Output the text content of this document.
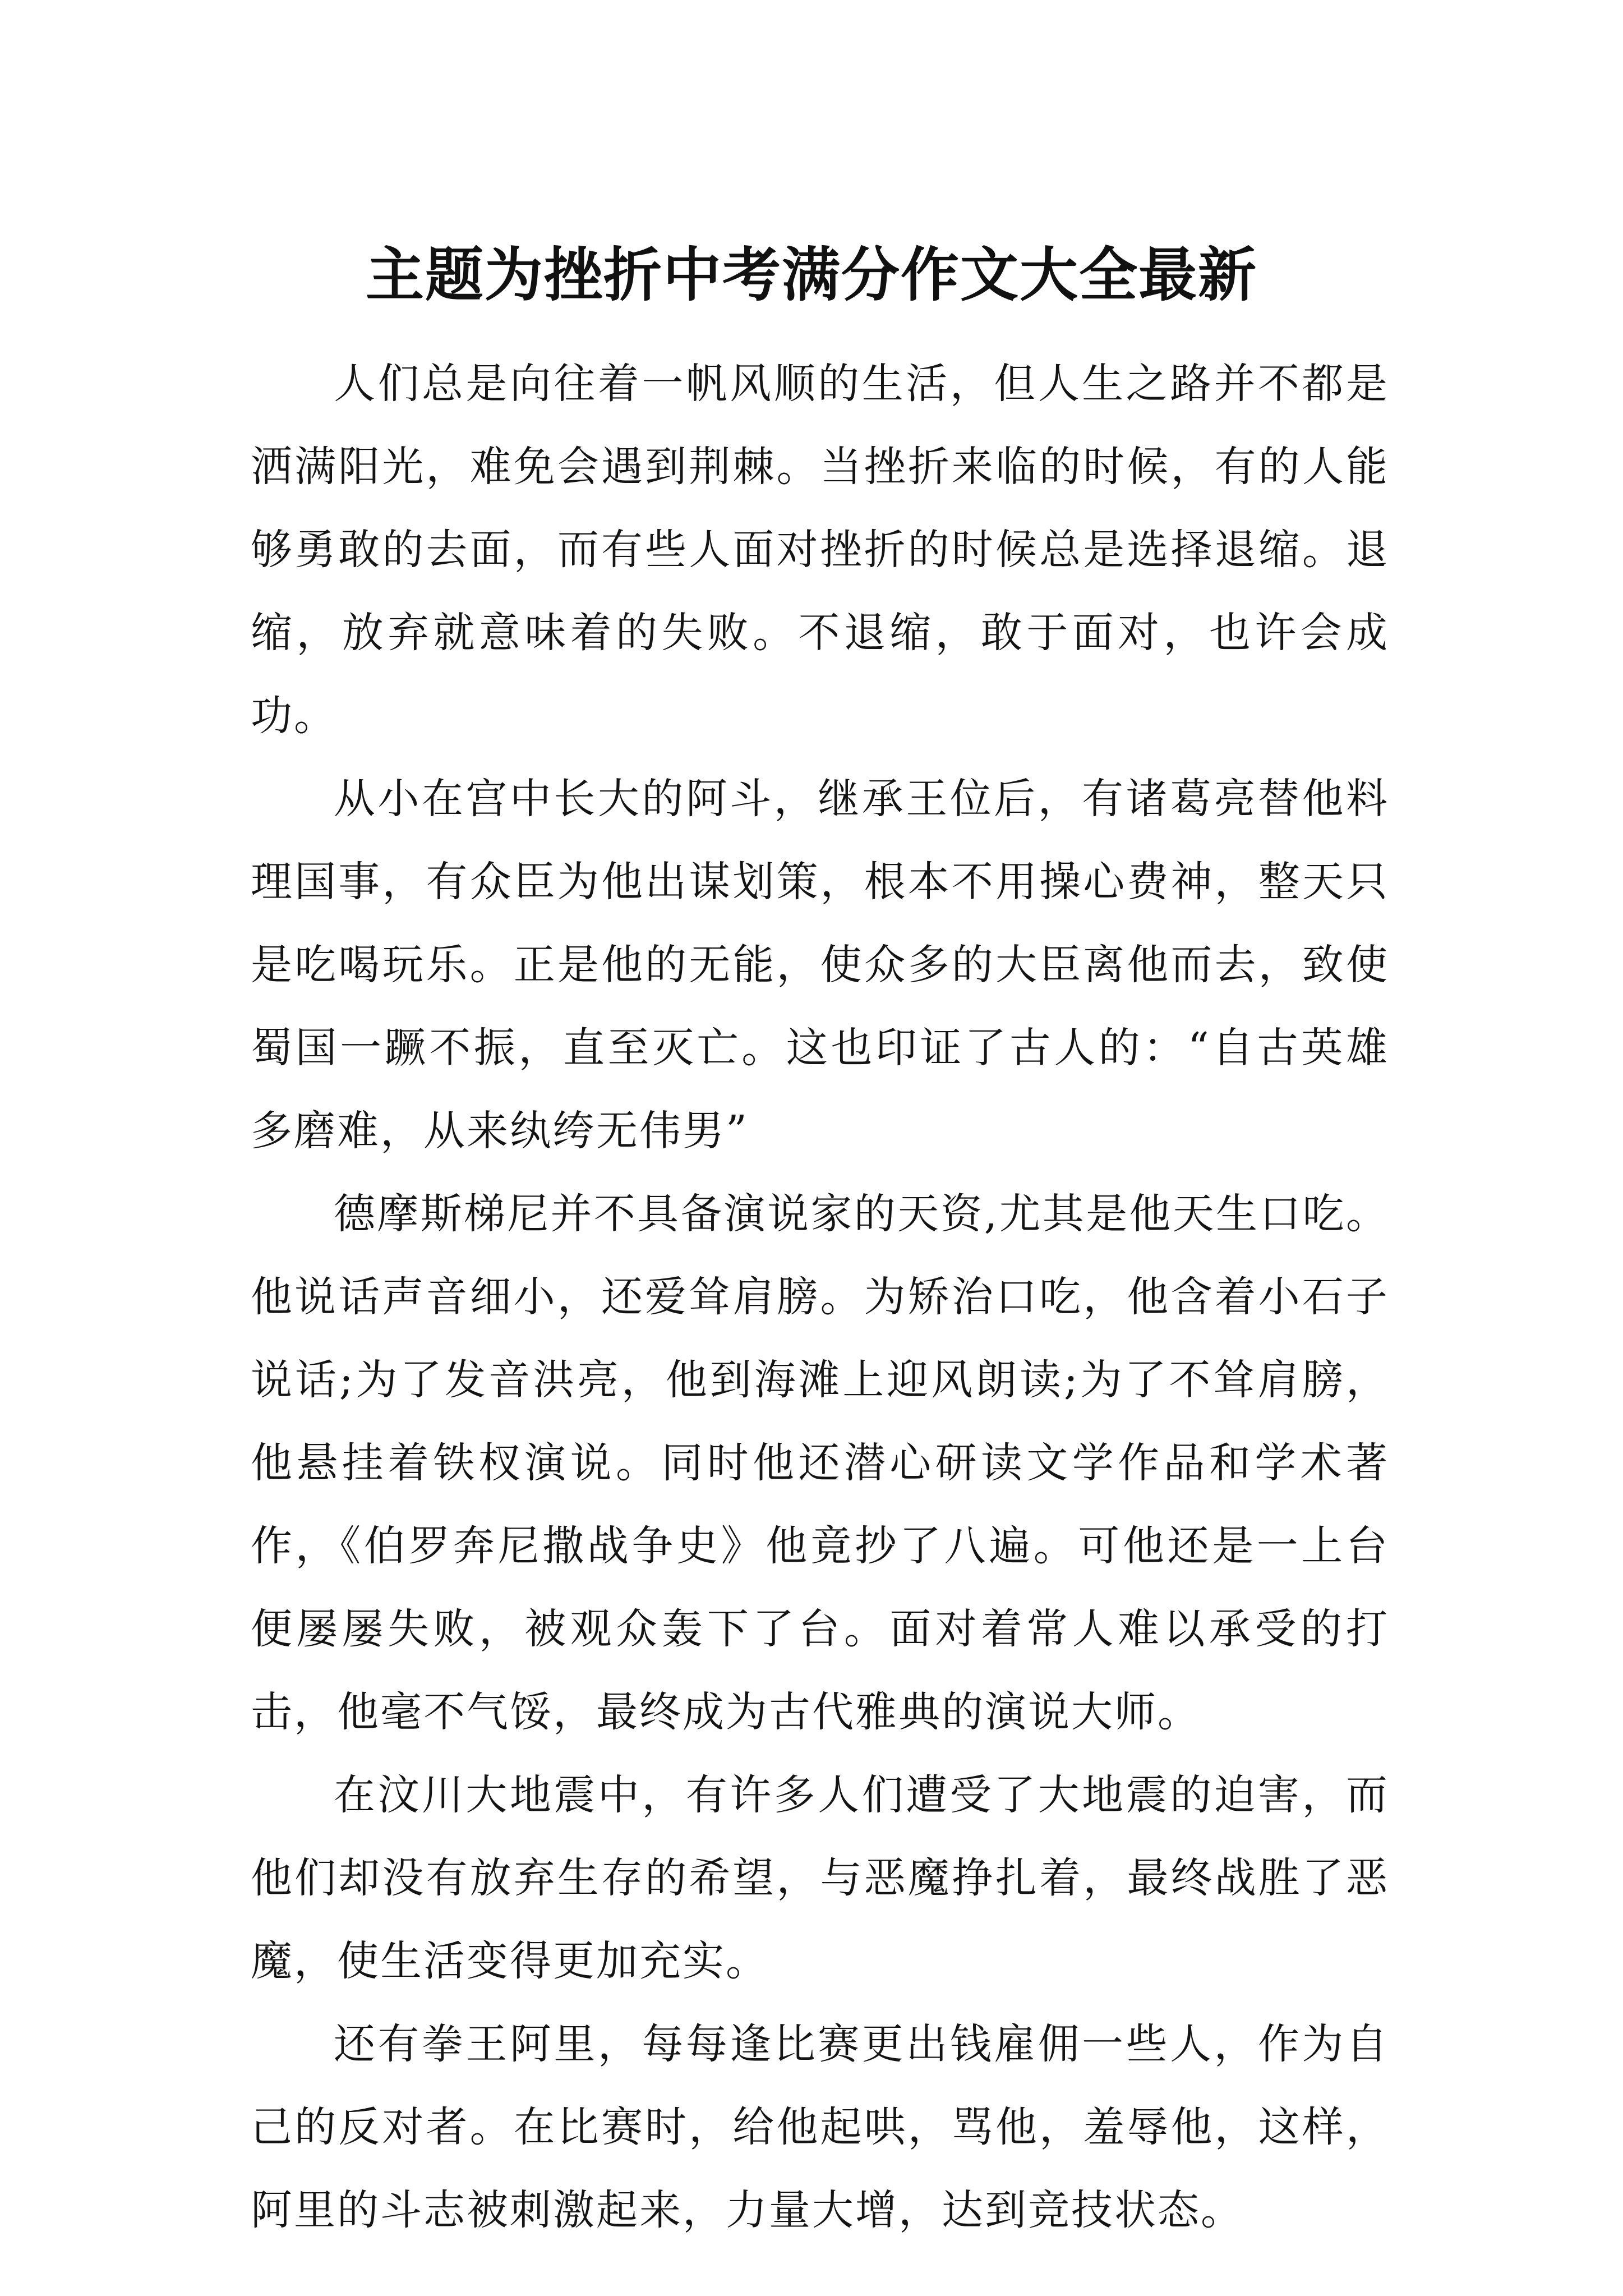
主题为挫折中考满分作文大全最新

人们总是向往着一帆风顺的生活，但人生之路并不都是洒满阳光，难免会遇到荆棘。当挫折来临的时候，有的人能够勇敢的去面，而有些人面对挫折的时候总是选择退缩。退缩，放弃就意味着的失败。不退缩，敢于面对，也许会成功。

从小在宫中长大的阿斗，继承王位后，有诸葛亮替他料理国事，有众臣为他出谋划策，根本不用操心费神，整天只是吃喝玩乐。正是他的无能，使众多的大臣离他而去，致使蜀国一蹶不振，直至灭亡。这也印证了古人的：“自古英雄多磨难，从来纨绔无伟男”

德摩斯梯尼并不具备演说家的天资,尤其是他天生口吃。他说话声音细小，还爱耸肩膀。为矫治口吃，他含着小石子说话;为了发音洪亮，他到海滩上迎风朗读;为了不耸肩膀，他悬挂着铁杈演说。同时他还潜心研读文学作品和学术著作，《伯罗奔尼撒战争史》他竟抄了八遍。可他还是一上台便屡屡失败，被观众轰下了台。面对着常人难以承受的打击，他毫不气馁，最终成为古代雅典的演说大师。

在汶川大地震中，有许多人们遭受了大地震的迫害，而他们却没有放弃生存的希望，与恶魔挣扎着，最终战胜了恶魔，使生活变得更加充实。

还有拳王阿里，每每逢比赛更出钱雇佣一些人，作为自己的反对者。在比赛时，给他起哄，骂他，羞辱他，这样，阿里的斗志被刺激起来，力量大增，达到竞技状态。
